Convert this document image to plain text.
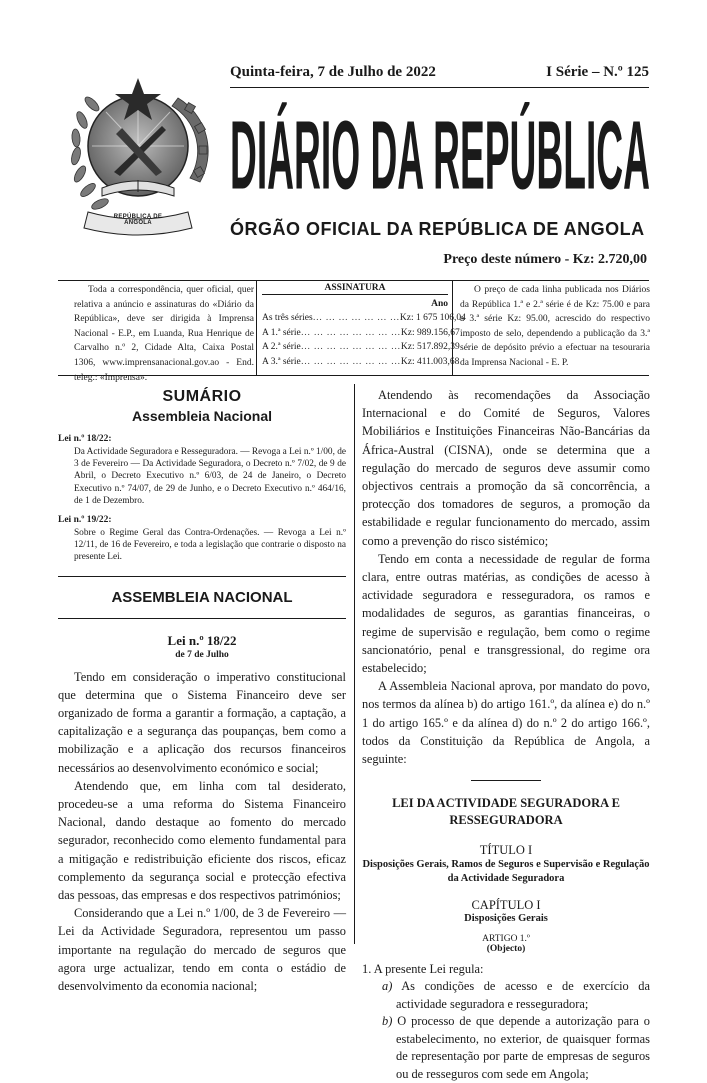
REPÚBLICA DE ANGOLA
Quinta-feira, 7 de Julho de 2022	I Série – N.º 125
DIÁRIO DA REPÚBLICA
ÓRGÃO OFICIAL DA REPÚBLICA DE ANGOLA
Preço deste número - Kz: 2.720,00

Toda a correspondência, quer oficial, quer relativa a anúncio e assinaturas do «Diário da República», deve ser dirigida à Imprensa Nacional - E.P., em Luanda, Rua Henrique de Carvalho n.º 2, Cidade Alta, Caixa Postal 1306, www.imprensanacional.gov.ao - End. teleg.: «Imprensa».

ASSINATURA
Ano
As três séries … … … … … … … Kz: 1 675 106,04
A 1.ª série … … … … … … … … Kz: 989.156,67
A 2.ª série … … … … … … … … Kz: 517.892,39
A 3.ª série … … … … … … … … Kz: 411.003,68

O preço de cada linha publicada nos Diários da República 1.ª e 2.ª série é de Kz: 75.00 e para a 3.ª série Kz: 95.00, acrescido do respectivo imposto de selo, dependendo a publicação da 3.ª série de depósito prévio a efectuar na tesouraria da Imprensa Nacional - E. P.

SUMÁRIO
Assembleia Nacional
Lei n.º 18/22:
Da Actividade Seguradora e Resseguradora. — Revoga a Lei n.º 1/00, de 3 de Fevereiro — Da Actividade Seguradora, o Decreto n.º 7/02, de 9 de Abril, o Decreto Executivo n.º 6/03, de 24 de Janeiro, o Decreto Executivo n.º 74/07, de 29 de Junho, e o Decreto Executivo n.º 464/16, de 1 de Dezembro.
Lei n.º 19/22:
Sobre o Regime Geral das Contra-Ordenações. — Revoga a Lei n.º 12/11, de 16 de Fevereiro, e toda a legislação que contrarie o disposto na presente Lei.
ASSEMBLEIA NACIONAL
Lei n.º 18/22
de 7 de Julho

Tendo em consideração o imperativo constitucional que determina que o Sistema Financeiro deve ser organizado de forma a garantir a formação, a captação, a capitalização e a segurança das poupanças, bem como a mobilização e a aplicação dos recursos financeiros necessários ao desenvolvimento económico e social;

Atendendo que, em linha com tal desiderato, procedeu-se a uma reforma do Sistema Financeiro Nacional, dando destaque ao fomento do mercado segurador, reconhecido como elemento fundamental para a mitigação e redistribuição eficiente dos riscos, eficaz complemento da segurança social e protecção efectiva das pessoas, das empresas e dos respectivos patrimónios;

Considerando que a Lei n.º 1/00, de 3 de Fevereiro — Lei da Actividade Seguradora, representou um passo importante na regulação do mercado de seguros que agora urge actualizar, tendo em conta o estádio de desenvolvimento da economia nacional;

Atendendo às recomendações da Associação Internacional e do Comité de Seguros, Valores Mobiliários e Instituições Financeiras Não-Bancárias da África-Austral (CISNA), onde se determina que a regulação do mercado de seguros deve assumir como objectivos centrais a promoção da sã concorrência, a protecção dos tomadores de seguros, a promoção da estabilidade e regular funcionamento do mercado, assim como a prevenção do risco sistémico;

Tendo em conta a necessidade de regular de forma clara, entre outras matérias, as condições de acesso à actividade seguradora e resseguradora, os ramos e modalidades de seguros, as garantias financeiras, o regime de supervisão e regulação, bem como o regime sancionatório, penal e transgressional, do regime ora estabelecido;

A Assembleia Nacional aprova, por mandato do povo, nos termos da alínea b) do artigo 161.º, da alínea e) do n.º 1 do artigo 165.º e da alínea d) do n.º 2 do artigo 166.º, todos da Constituição da República de Angola, a seguinte:

LEI DA ACTIVIDADE SEGURADORA E RESSEGURADORA
TÍTULO I
Disposições Gerais, Ramos de Seguros e Supervisão e Regulação da Actividade Seguradora
CAPÍTULO I
Disposições Gerais
ARTIGO 1.º
(Objecto)
1. A presente Lei regula:
a) As condições de acesso e de exercício da actividade seguradora e resseguradora;
b) O processo de que depende a autorização para o estabelecimento, no exterior, de quaisquer formas de representação por parte de empresas de seguros ou de resseguros com sede em Angola;
